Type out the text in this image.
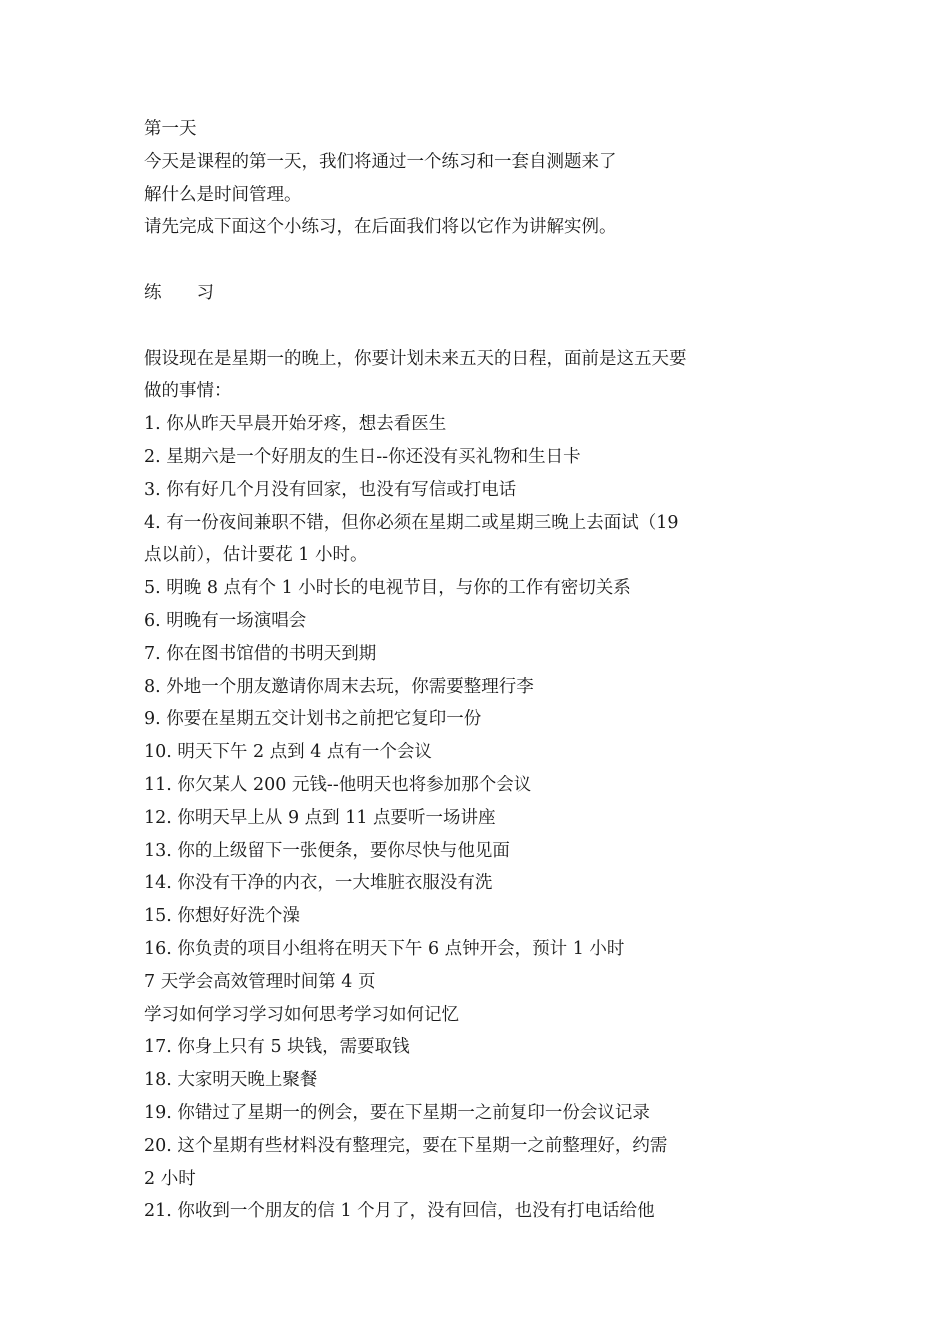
第一天
今天是课程的第一天，我们将通过一个练习和一套自测题来了
解什么是时间管理。
请先完成下面这个小练习，在后面我们将以它作为讲解实例。
练　　习
假设现在是星期一的晚上，你要计划未来五天的日程，面前是这五天要
做的事情：
1. 你从昨天早晨开始牙疼，想去看医生
2. 星期六是一个好朋友的生日--你还没有买礼物和生日卡
3. 你有好几个月没有回家，也没有写信或打电话
4. 有一份夜间兼职不错，但你必须在星期二或星期三晚上去面试（19
点以前），估计要花 1 小时。
5. 明晚 8 点有个 1 小时长的电视节目，与你的工作有密切关系
6. 明晚有一场演唱会
7. 你在图书馆借的书明天到期
8. 外地一个朋友邀请你周末去玩，你需要整理行李
9. 你要在星期五交计划书之前把它复印一份
10. 明天下午 2 点到 4 点有一个会议
11. 你欠某人 200 元钱--他明天也将参加那个会议
12. 你明天早上从 9 点到 11 点要听一场讲座
13. 你的上级留下一张便条，要你尽快与他见面
14. 你没有干净的内衣，一大堆脏衣服没有洗
15. 你想好好洗个澡
16. 你负责的项目小组将在明天下午 6 点钟开会，预计 1 小时
7 天学会高效管理时间第 4 页
学习如何学习学习如何思考学习如何记忆
17. 你身上只有 5 块钱，需要取钱
18. 大家明天晚上聚餐
19. 你错过了星期一的例会，要在下星期一之前复印一份会议记录
20. 这个星期有些材料没有整理完，要在下星期一之前整理好，约需
2 小时
21. 你收到一个朋友的信 1 个月了，没有回信，也没有打电话给他
